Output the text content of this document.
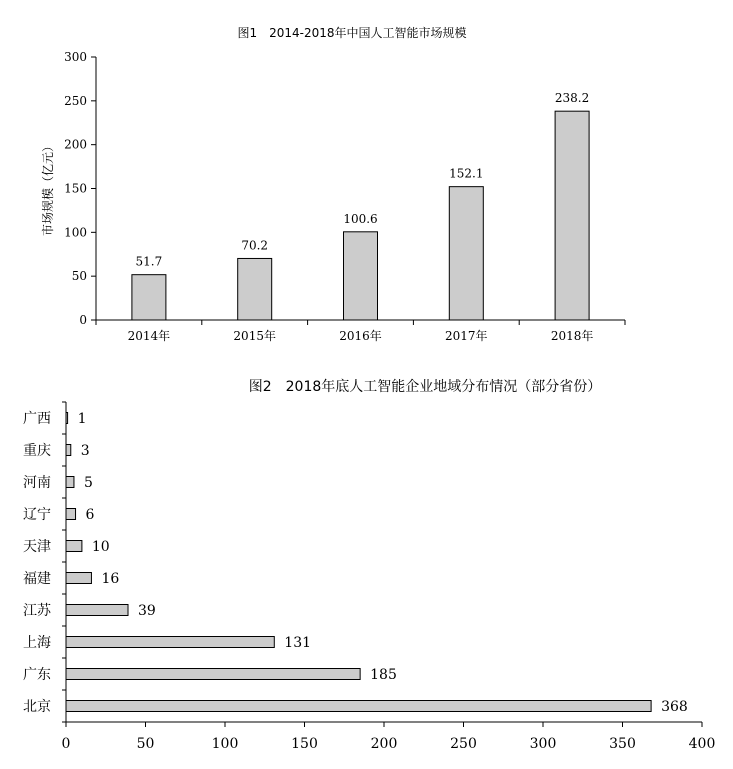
图1　2014-2018年中国人工智能市场规模
市场规模（亿元）
0
50
100
150
200
250
300
51.7
70.2
100.6
152.1
238.2
2014年	2015年	2016年	2017年	2018年
图2　2018年底人工智能企业地域分布情况（部分省份）
0	50	100	150	200	250	300	350	400
1
3
5
6
10
16
39
131
185
368
广西
重庆
河南
辽宁
天津
福建
江苏
上海
广东
北京
